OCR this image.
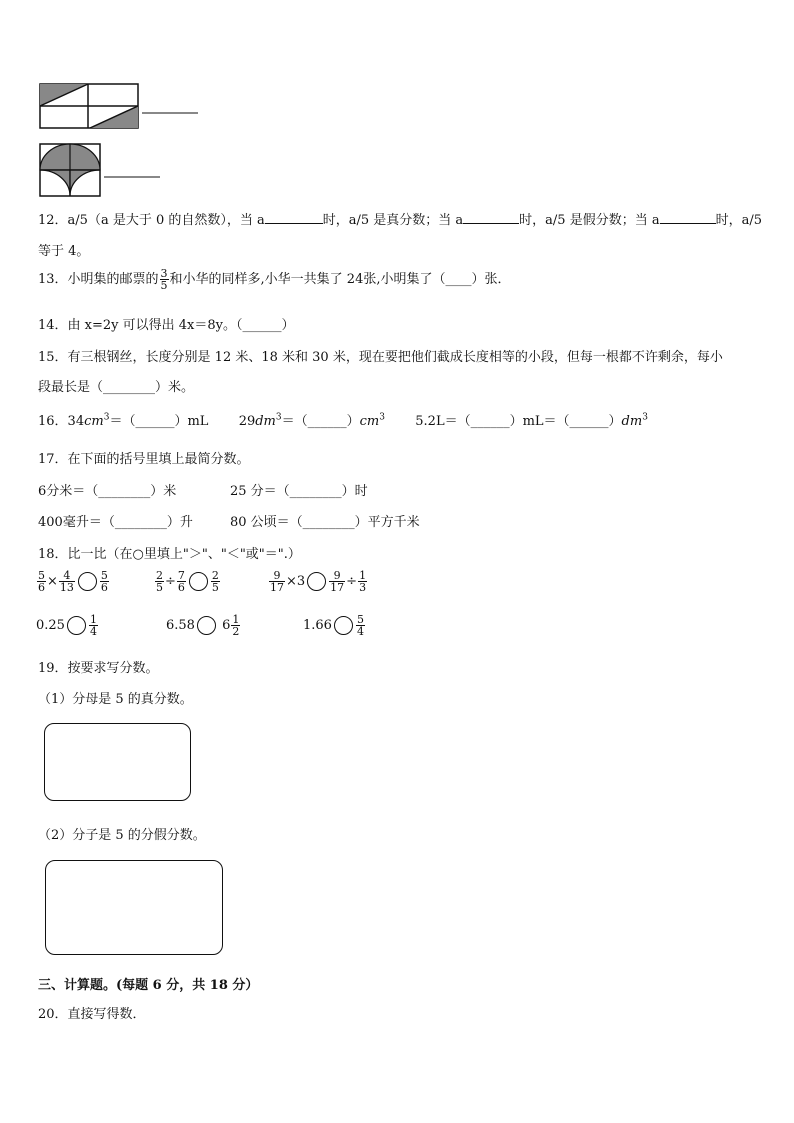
12．a/5（a 是大于 0 的自然数），当 a	时，a/5 是真分数；当 a	时，a/5 是假分数；当 a	时，a/5
等于 4。
13．小明集的邮票的 $\frac{3}{5}$ 和小华的同样多,小华一共集了 24张,小明集了（____）张．
14．由 x=2y 可以得出 4x＝8y。（______）
15．有三根钢丝，长度分别是 12 米、18 米和 30 米，现在要把他们截成长度相等的小段，但每一根都不许剩余，每小
段最长是（________）米。
16．$34cm^3=(\_\_\_\_\_\_)mL$ $29dm^3=(\_\_\_\_\_\_)cm^3$ $5.2L=(\_\_\_\_\_\_)mL=(\_\_\_\_\_\_)dm^3$
17．在下面的括号里填上最简分数。
6分米＝（________）米	25 分＝（________）时
400毫升＝（________）升	80 公顷＝（________）平方千米
18．比一比（在○里填上"＞"、"＜"或"＝".）
$\frac{5}{6} \times \frac{4}{13} \frac{5}{6}$	$\frac{2}{5} \div \frac{7}{6} \frac{2}{5}$	$\frac{9}{17} \times 3 \frac{9}{17} \div \frac{1}{3}$
$0.25 \frac{1}{4}$	6.58 $6 \frac{1}{2}$	$1.66 \frac{5}{4}$
19．按要求写分数。
（1）分母是 5 的真分数。
（2）分子是 5 的分假分数。
三、计算题。(每题 6 分，共 18 分）
20．直接写得数．
